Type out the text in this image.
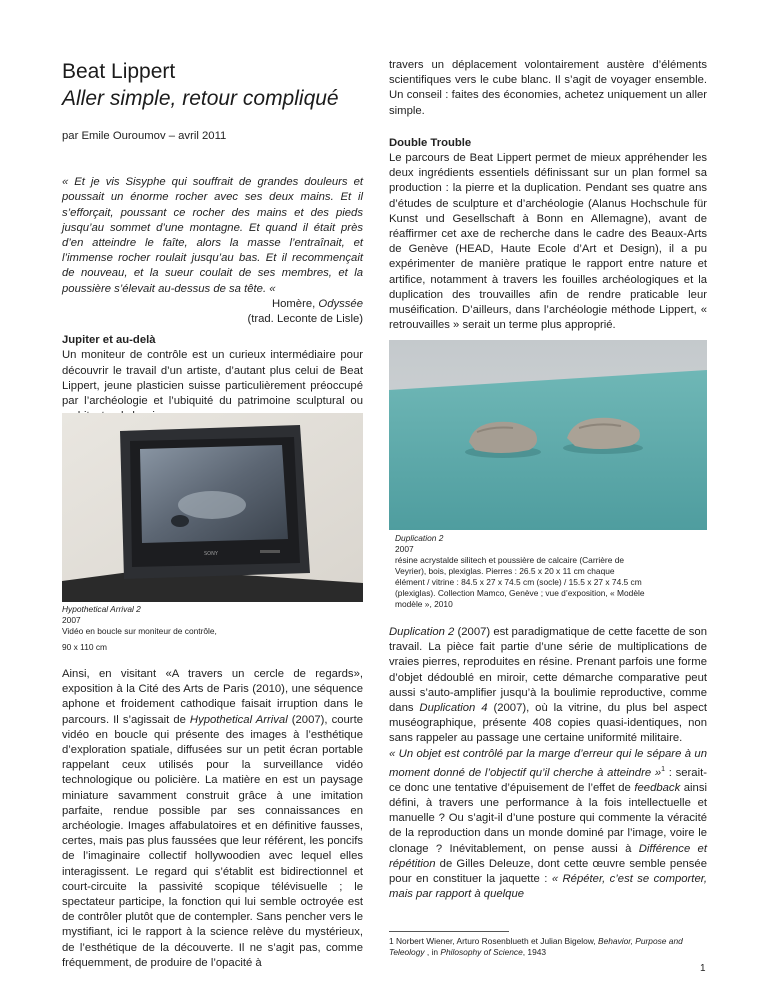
Beat Lippert
Aller simple, retour compliqué

par Emile Ouroumov – avril 2011

« Et je vis Sisyphe qui souffrait de grandes douleurs et poussait un énorme rocher avec ses deux mains. Et il s’efforçait, poussant ce rocher des mains et des pieds jusqu’au sommet d’une montagne. Et quand il était près d’en atteindre le faîte, alors la masse l’entraînait, et l’immense rocher roulait jusqu’au bas. Et il recommençait de nouveau, et la sueur coulait de ses membres, et la poussière s’élevait au-dessus de sa tête. «

Homère, Odyssée

(trad. Leconte de Lisle)

Jupiter et au-delà

Un moniteur de contrôle est un curieux intermédiaire pour découvrir le travail d’un artiste, d’autant plus celui de Beat Lippert, jeune plasticien suisse particulièrement préoccupé par l’archéologie et l’ubiquité du patrimoine sculptural ou

SONY
Hypothetical Arrival 2
2007
Vidéo en boucle sur moniteur de contrôle,
90 x 110 cm

Ainsi, en visitant «A travers un cercle de regards», exposition à la Cité des Arts de Paris (2010), une séquence aphone et froidement cathodique faisait irruption dans le parcours. Il s’agissait de Hypothetical Arrival (2007), courte vidéo en boucle qui présente des images à l’esthétique d’exploration spatiale, diffusées sur un petit écran portable rappelant ceux utilisés pour la surveillance vidéo technologique ou policière. La matière en est un paysage miniature savamment construit grâce à une imitation parfaite, rendue possible par ses connaissances en archéologie. Images affabulatoires et en définitive fausses, certes, mais pas plus faussées que leur référent, les poncifs de l’imaginaire collectif hollywoodien avec lequel elles interagissent. Le regard qui s’établit est bidirectionnel et court-circuite la passivité scopique télévisuelle ; le spectateur participe, la fonction qui lui semble octroyée est de contrôler plutôt que de contempler. Sans pencher vers le mystifiant, ici le rapport à la science relève du mystérieux, de l’esthétique de la découverte. Il ne s’agit pas, comme fréquemment, de produire de l’opacité à

travers un déplacement volontairement austère d’éléments scientifiques vers le cube blanc. Il s’agit de voyager ensemble. Un conseil : faites des économies, achetez uniquement un aller simple.

Double Trouble

Le parcours de Beat Lippert permet de mieux appréhender les deux ingrédients essentiels définissant sur un plan formel sa production : la pierre et la duplication. Pendant ses quatre ans d’études de sculpture et d’archéologie (Alanus Hochschule für Kunst und Gesellschaft à Bonn en Allemagne), avant de réaffirmer cet axe de recherche dans le cadre des Beaux-Arts de Genève (HEAD, Haute Ecole d’Art et Design), il a pu expérimenter de manière pratique le rapport entre nature et artifice, notamment à travers les fouilles archéologiques et la duplication des trouvailles afin de rendre praticable leur muséification. D’ailleurs, dans l’archéologie méthode Lippert, « retrouvailles » serait un terme plus approprié.

Duplication 2
2007
résine acrystalde silitech et poussière de calcaire (Carrière de Veyrier), bois, plexiglas. Pierres : 26.5 x 20 x 11 cm chaque élément / vitrine : 84.5 x 27 x 74.5 cm (socle) / 15.5 x 27 x 74.5 cm (plexiglas). Collection Mamco, Genève ; vue d’exposition, « Modèle modèle », 2010

Duplication 2 (2007) est paradigmatique de cette facette de son travail. La pièce fait partie d’une série de multiplications de vraies pierres, reproduites en résine. Prenant parfois une forme d’objet dédoublé en miroir, cette démarche comparative peut aussi s’auto-amplifier jusqu’à la boulimie reproductive, comme dans Duplication 4 (2007), où la vitrine, du plus bel aspect muséographique, présente 408 copies quasi-identiques, non sans rappeler au passage une certaine uniformité militaire.

« Un objet est contrôlé par la marge d’erreur qui le sépare à un moment donné de l’objectif qu’il cherche à atteindre »$^1$ : serait-ce donc une tentative d’épuisement de l’effet de feedback ainsi défini, à travers une performance à la fois intellectuelle et manuelle ? Ou s’agit-il d’une posture qui commente la véracité de la reproduction dans un monde dominé par l’image, voire le clonage ? Inévitablement, on pense aussi à Différence et répétition de Gilles Deleuze, dont cette œuvre semble pensée pour en constituer la jaquette : « Répéter, c’est se comporter, mais par rapport à quelque

1 Norbert Wiener, Arturo Rosenblueth et Julian Bigelow, Behavior, Purpose and Teleology , in Philosophy of Science, 1943
1
